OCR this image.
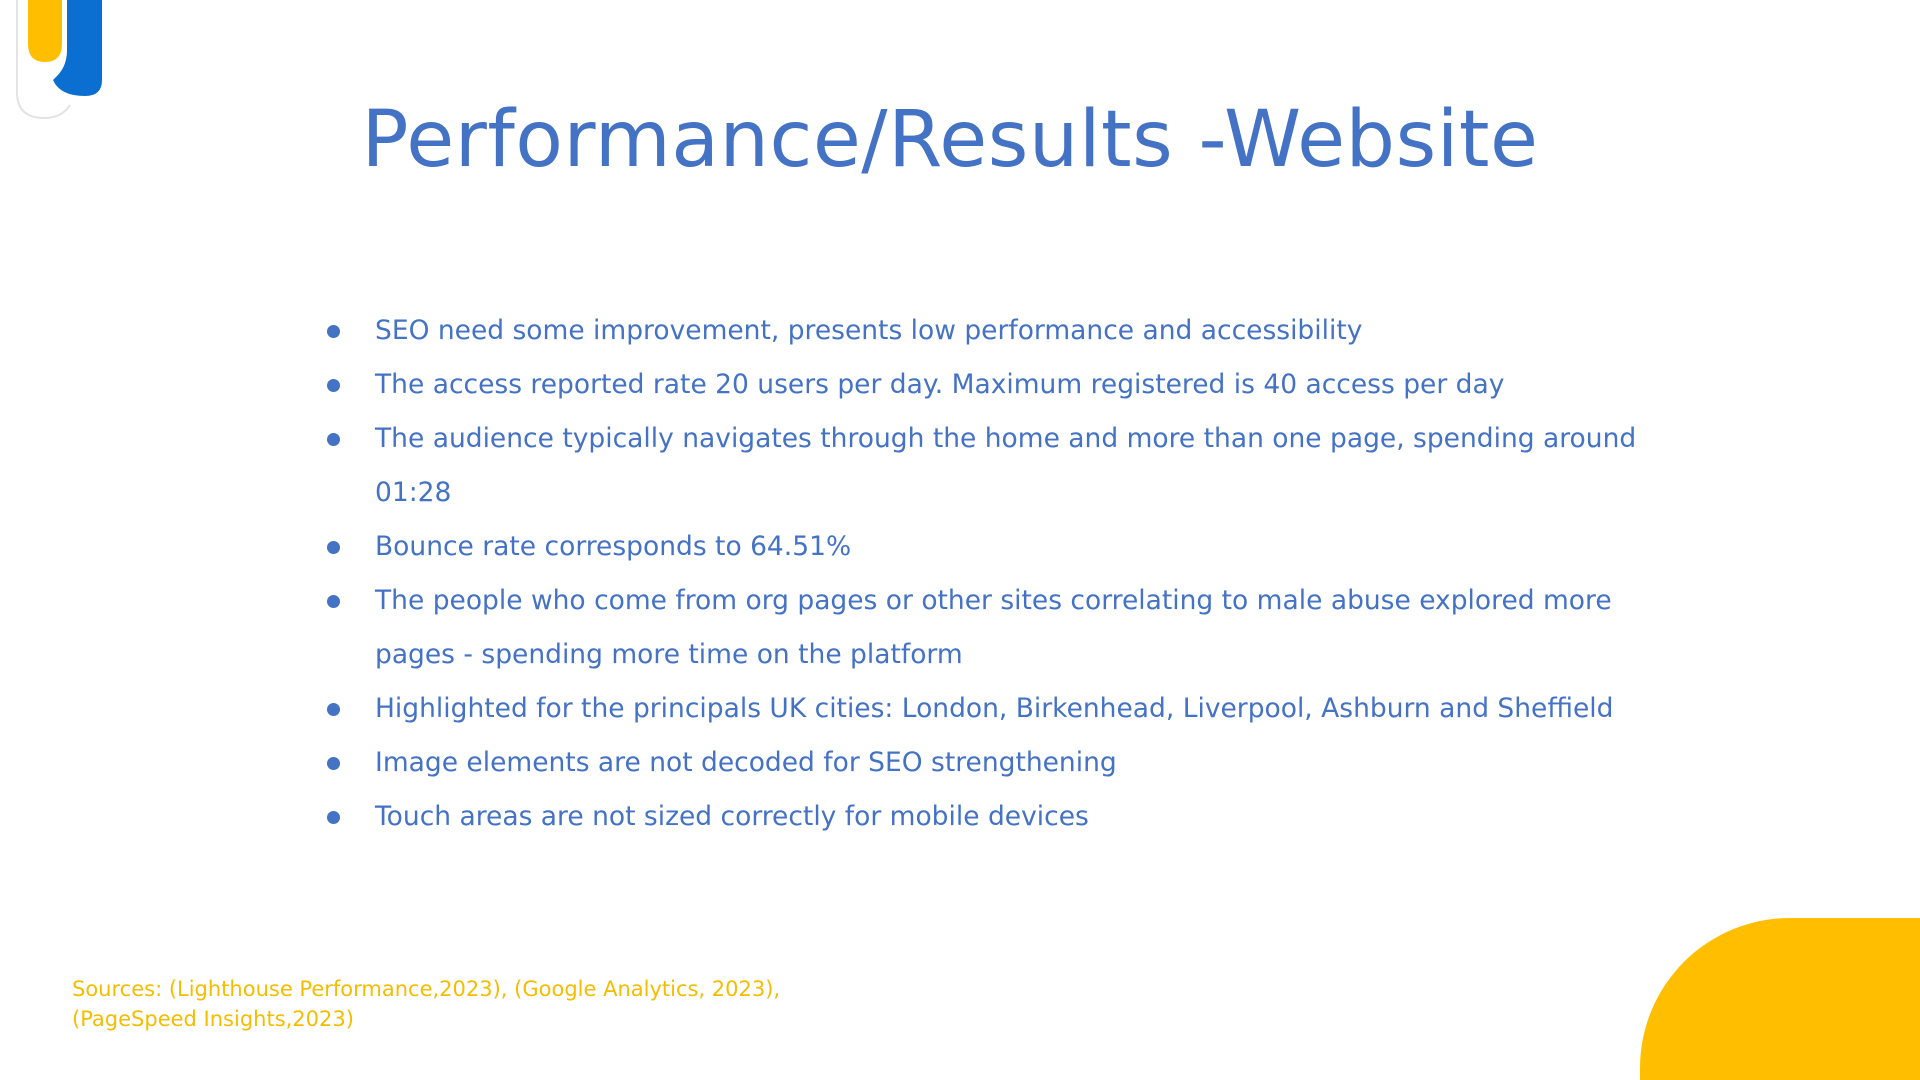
Performance/Results -Website
SEO need some improvement, presents low performance and accessibility
The access reported rate 20 users per day. Maximum registered is 40 access per day
The audience typically navigates through the home and more than one page, spending around 01:28
Bounce rate corresponds to 64.51%
The people who come from org pages or other sites correlating to male abuse explored more pages - spending more time on the platform
Highlighted for the principals UK cities: London, Birkenhead, Liverpool, Ashburn and Sheffield
Image elements are not decoded for SEO strengthening
Touch areas are not sized correctly for mobile devices
Sources: (Lighthouse Performance,2023), (Google Analytics, 2023),
(PageSpeed Insights,2023)
